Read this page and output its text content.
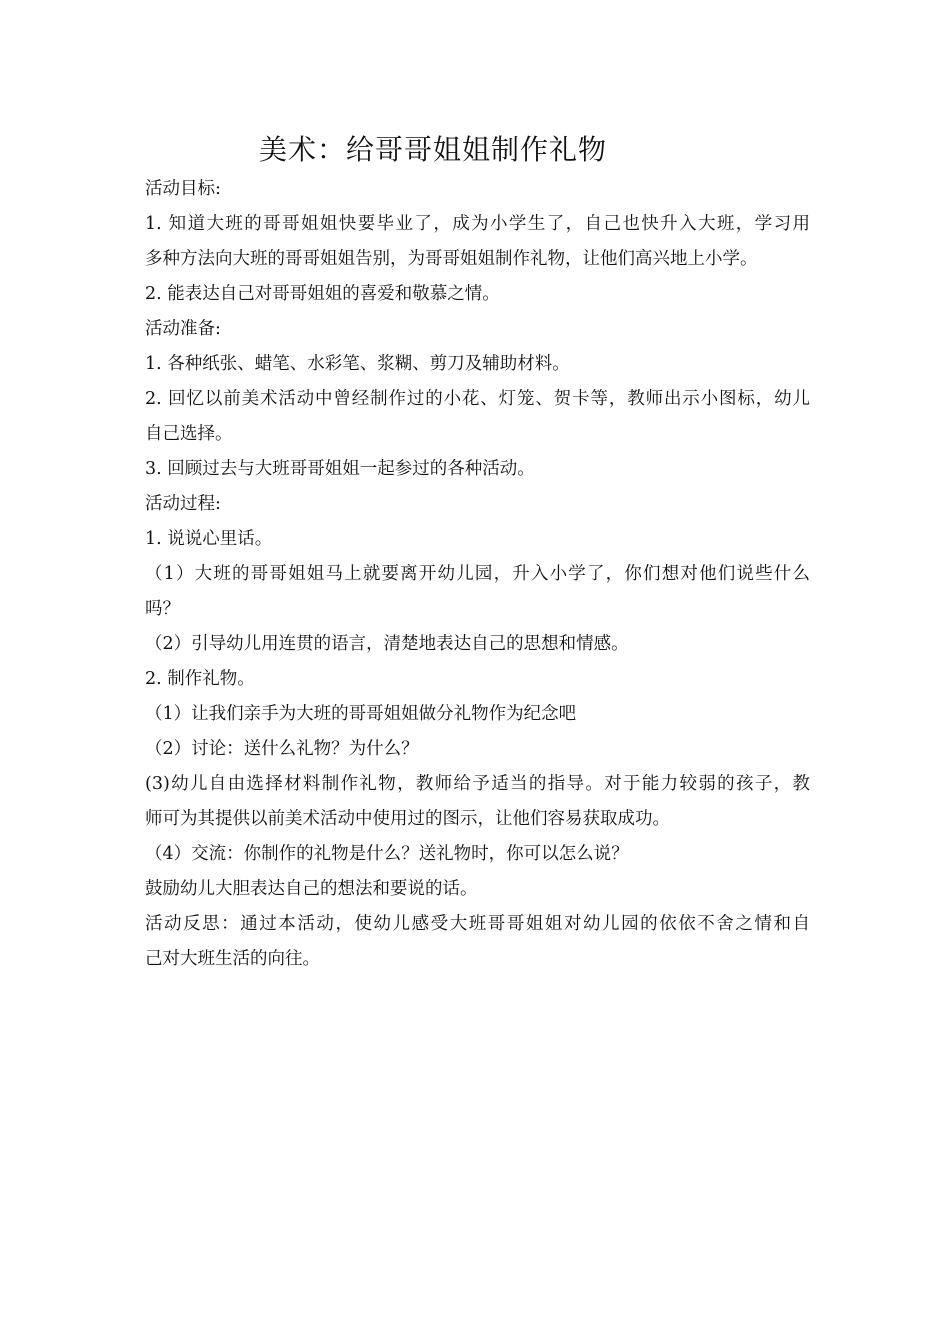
美术：给哥哥姐姐制作礼物
活动目标:
1. 知道大班的哥哥姐姐快要毕业了，成为小学生了，自己也快升入大班，学习用
多种方法向大班的哥哥姐姐告别，为哥哥姐姐制作礼物，让他们高兴地上小学。
2. 能表达自己对哥哥姐姐的喜爱和敬慕之情。
活动准备:
1. 各种纸张、蜡笔、水彩笔、浆糊、剪刀及辅助材料。
2. 回忆以前美术活动中曾经制作过的小花、灯笼、贺卡等，教师出示小图标，幼儿
自己选择。
3. 回顾过去与大班哥哥姐姐一起参过的各种活动。
活动过程:
1. 说说心里话。
（1）大班的哥哥姐姐马上就要离开幼儿园，升入小学了，你们想对他们说些什么
吗？
（2）引导幼儿用连贯的语言，清楚地表达自己的思想和情感。
2. 制作礼物。
（1）让我们亲手为大班的哥哥姐姐做分礼物作为纪念吧
（2）讨论：送什么礼物？为什么？
(3)幼儿自由选择材料制作礼物，教师给予适当的指导。对于能力较弱的孩子，教
师可为其提供以前美术活动中使用过的图示，让他们容易获取成功。
（4）交流：你制作的礼物是什么？送礼物时，你可以怎么说？
鼓励幼儿大胆表达自己的想法和要说的话。
活动反思：通过本活动，使幼儿感受大班哥哥姐姐对幼儿园的依依不舍之情和自
己对大班生活的向往。
